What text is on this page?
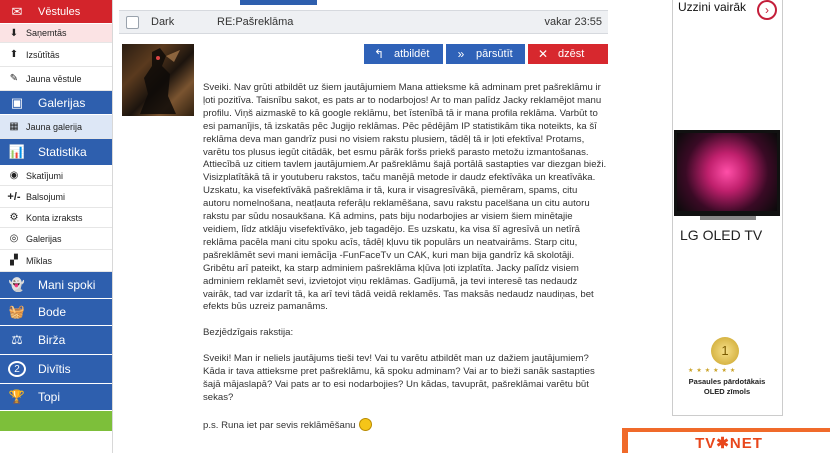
✉	Vēstules
⬇ Saņemtās
⬆ Izsūtītās
✎ Jauna vēstule
▣ Galerijas
▦ Jauna galerija
📊 Statistika
◉ Skatījumi
+/- Balsojumi
⚙ Konta izraksts
◎ Galerijas
▞ Mīklas
👻 Mani spoki
🧺 Bode
⚖ Birža
2	Divītis
🏆 Topi
Dark	RE:Pašreklāma	vakar 23:55
↰ atbildēt	»	pārsūtīt	✕ dzēst

Sveiki. Nav grūti atbildēt uz šiem jautājumiem Mana attieksme kā adminam pret pašreklāmu ir ļoti pozitīva. Taisnību sakot, es pats ar to nodarbojos! Ar to man palīdz Jacky reklamējot manu profilu. Viņš aizmaskē to kā google reklāmu, bet īstenībā tā ir mana profila reklāma. Varbūt to esi pamanījis, tā izskatās pēc Jugijo reklāmas. Pēc pēdējām IP statistikām tika noteikts, ka šī reklāma deva man gandrīz pusi no visiem rakstu plusiem, tādēļ tā ir ļoti efektīva! Protams, varētu tos plusus iegūt citādāk, bet esmu pārāk foršs priekš parasto metožu izmantošanas. Attiecībā uz citiem tavlem jautājumiem.Ar pašreklāmu šajā portālā sastapties var diezgan bieži. Visizplatītākā tā ir youtuberu rakstos, taču manējā metode ir daudz efektīvāka un kreatīvāka. Uzskatu, ka visefektīvākā pašreklāma ir tā, kura ir visagresīvākā, piemēram, spams, citu autoru nomelnošana, neatļauta referāļu reklamēšana, savu rakstu pacelšana un citu autoru rakstu par sūdu nosaukšana. Kā admins, pats biju nodarbojies ar visiem šiem minētajie veidiem, līdz atklāju visefektīvāko, jeb tagadējo. Es uzskatu, ka visa šī agresīvā un netīrā reklāma pacēla mani citu spoku acīs, tādēļ kļuvu tik populārs un neatvairāms. Starp citu, pašreklāmēt sevi mani iemācīja -FunFaceTv un CAK, kuri man bija gandrīz kā skolotāji.
Gribētu arī pateikt, ka starp adminiem pašreklāma kļūva ļoti izplatīta. Jacky palīdz visiem adminiem reklamēt sevi, izvietojot viņu reklāmas. Gadījumā, ja tevi interesē tas nedaudz vairāk, tad var izdarīt tā, ka arī tevi tādā veidā reklamēs. Tas maksās nedaudz naudiņas, bet efekts būs uzreiz pamanāms.

Bezjēdzīgais rakstija:

Sveiki! Man ir neliels jautājums tieši tev! Vai tu varētu atbildēt man uz dažiem jautājumiem? Kāda ir tava attieksme pret pašreklāmu, kā spoku adminam? Vai ar to bieži sanāk sastapties šajā mājaslapā? Vai pats ar to esi nodarbojies? Un kādas, tavuprāt, pašreklāmai varētu būt sekas?

p.s. Runa iet par sevis reklāmēšanu

Uzzini vairāk	›
LG OLED TV
1
★★★★★★
Pasaules pārdotākais
OLED zīmols
TV✱NET
